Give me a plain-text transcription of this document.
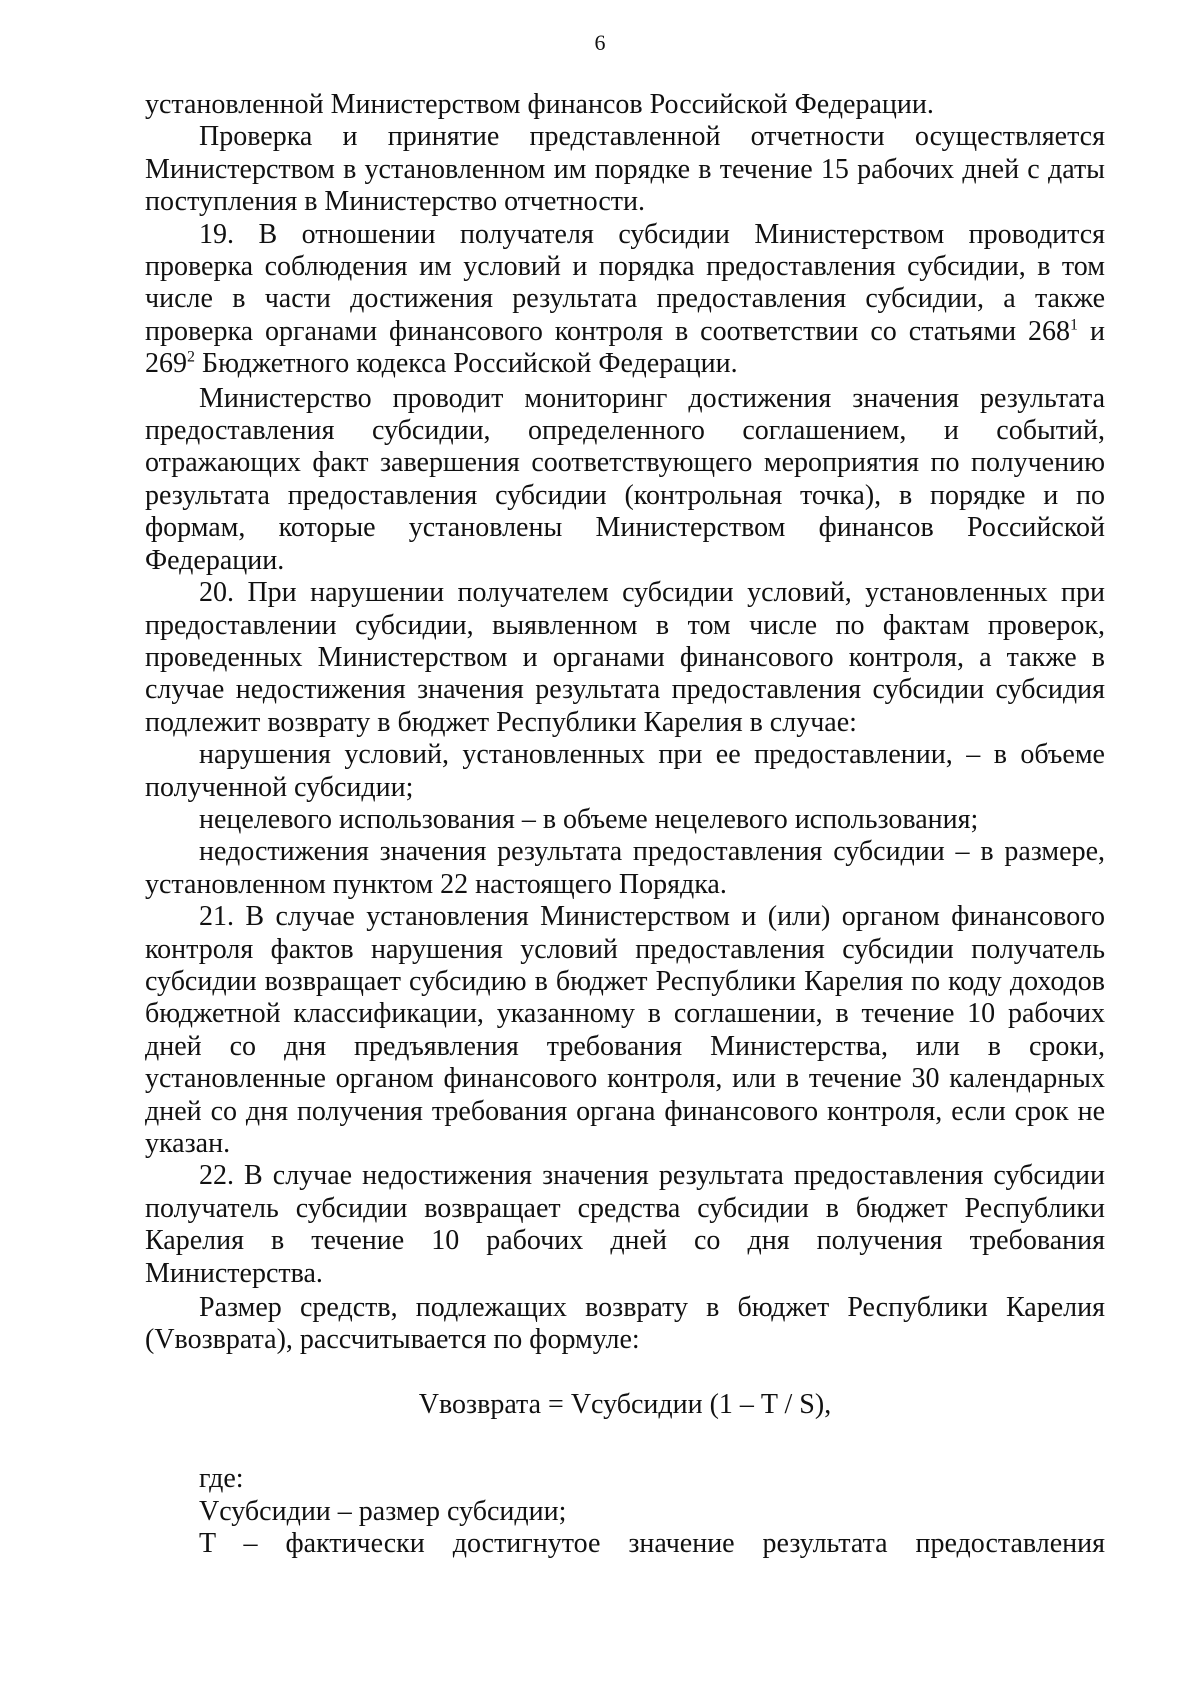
6

установленной Министерством финансов Российской Федерации.

Проверка и принятие представленной отчетности осуществляется Министерством в установленном им порядке в течение 15 рабочих дней с даты поступления в Министерство отчетности.

19. В отношении получателя субсидии Министерством проводится проверка соблюдения им условий и порядка предоставления субсидии, в том числе в части достижения результата предоставления субсидии, а также проверка органами финансового контроля в соответствии со статьями $268^1$ и $269^2$ Бюджетного кодекса Российской Федерации.

Министерство проводит мониторинг достижения значения результата предоставления субсидии, определенного соглашением, и событий, отражающих факт завершения соответствующего мероприятия по получению результата предоставления субсидии (контрольная точка), в порядке и по формам, которые установлены Министерством финансов Российской Федерации.

20. При нарушении получателем субсидии условий, установленных при предоставлении субсидии, выявленном в том числе по фактам проверок, проведенных Министерством и органами финансового контроля, а также в случае недостижения значения результата предоставления субсидии субсидия подлежит возврату в бюджет Республики Карелия в случае:

нарушения условий, установленных при ее предоставлении, – в объеме полученной субсидии;

нецелевого использования – в объеме нецелевого использования;

недостижения значения результата предоставления субсидии – в размере, установленном пунктом 22 настоящего Порядка.

21. В случае установления Министерством и (или) органом финансового контроля фактов нарушения условий предоставления субсидии получатель субсидии возвращает субсидию в бюджет Республики Карелия по коду доходов бюджетной классификации, указанному в соглашении, в течение 10 рабочих дней со дня предъявления требования Министерства, или в сроки, установленные органом финансового контроля, или в течение 30 календарных дней со дня получения требования органа финансового контроля, если срок не указан.

22. В случае недостижения значения результата предоставления субсидии получатель субсидии возвращает средства субсидии в бюджет Республики Карелия в течение 10 рабочих дней со дня получения требования Министерства.

Размер средств, подлежащих возврату в бюджет Республики Карелия (Vвозврата), рассчитывается по формуле:

Vвозврата = Vсубсидии (1 – T / S),

где:

Vсубсидии – размер субсидии;

T – фактически достигнутое значение результата предоставления
